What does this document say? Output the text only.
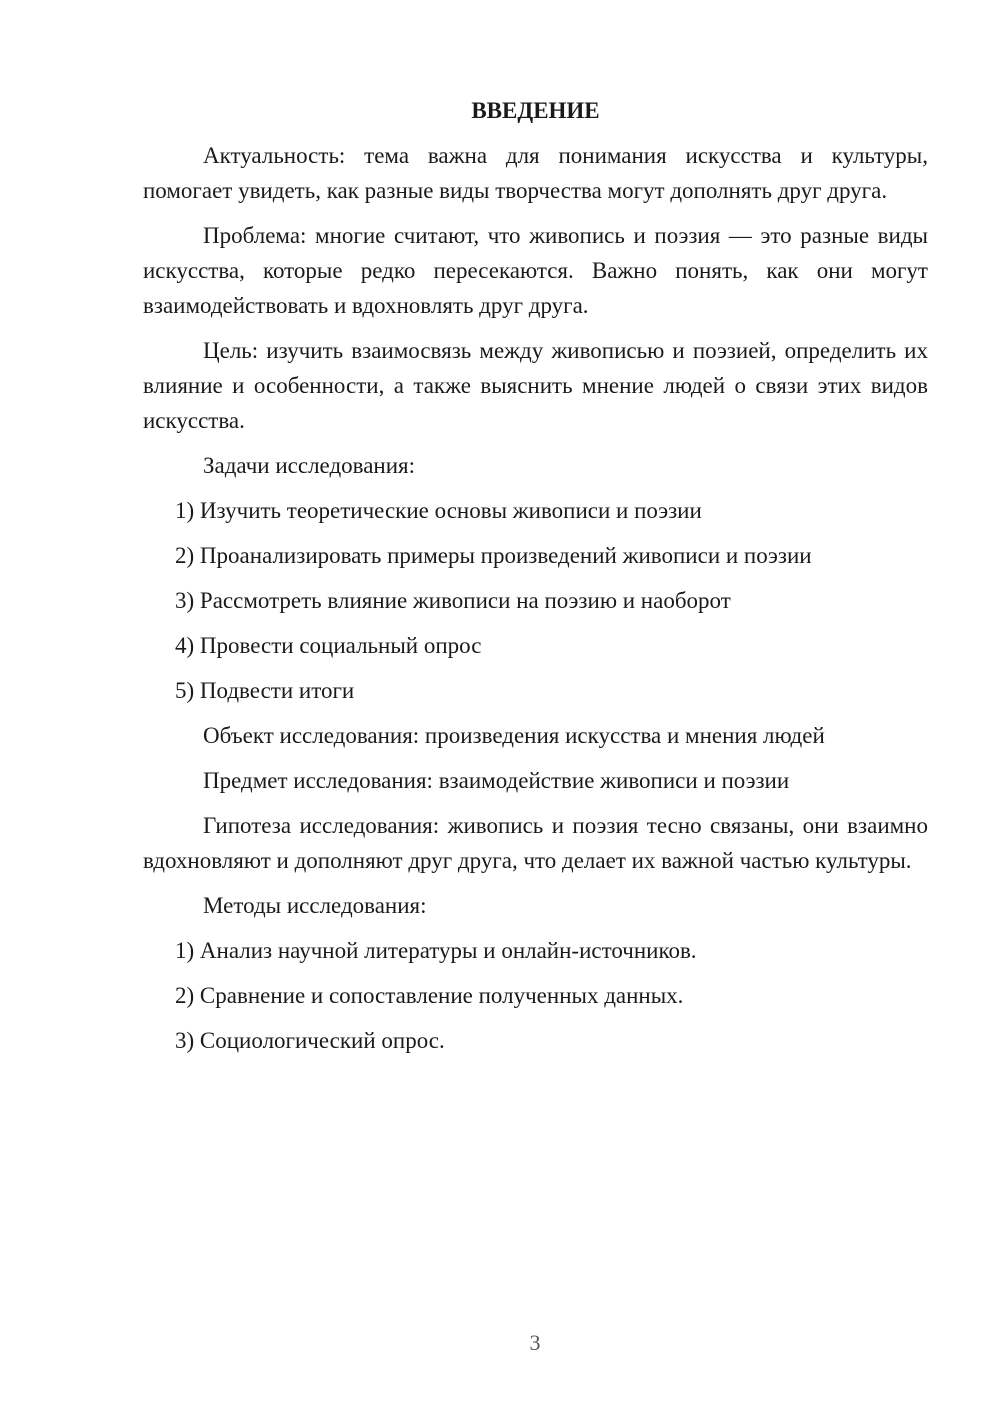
ВВЕДЕНИЕ
Актуальность: тема важна для понимания искусства и культуры, помогает увидеть, как разные виды творчества могут дополнять друг друга.
Проблема: многие считают, что живопись и поэзия — это разные виды искусства, которые редко пересекаются. Важно понять, как они могут взаимодействовать и вдохновлять друг друга.
Цель: изучить взаимосвязь между живописью и поэзией, определить их влияние и особенности, а также выяснить мнение людей о связи этих видов искусства.
Задачи исследования:
1) Изучить теоретические основы живописи и поэзии
2) Проанализировать примеры произведений живописи и поэзии
3) Рассмотреть влияние живописи на поэзию и наоборот
4) Провести социальный опрос
5) Подвести итоги
Объект исследования: произведения искусства и мнения людей
Предмет исследования: взаимодействие живописи и поэзии
Гипотеза исследования: живопись и поэзия тесно связаны, они взаимно вдохновляют и дополняют друг друга, что делает их важной частью культуры.
Методы исследования:
1) Анализ научной литературы и онлайн-источников.
2) Сравнение и сопоставление полученных данных.
3) Социологический опрос.
3
